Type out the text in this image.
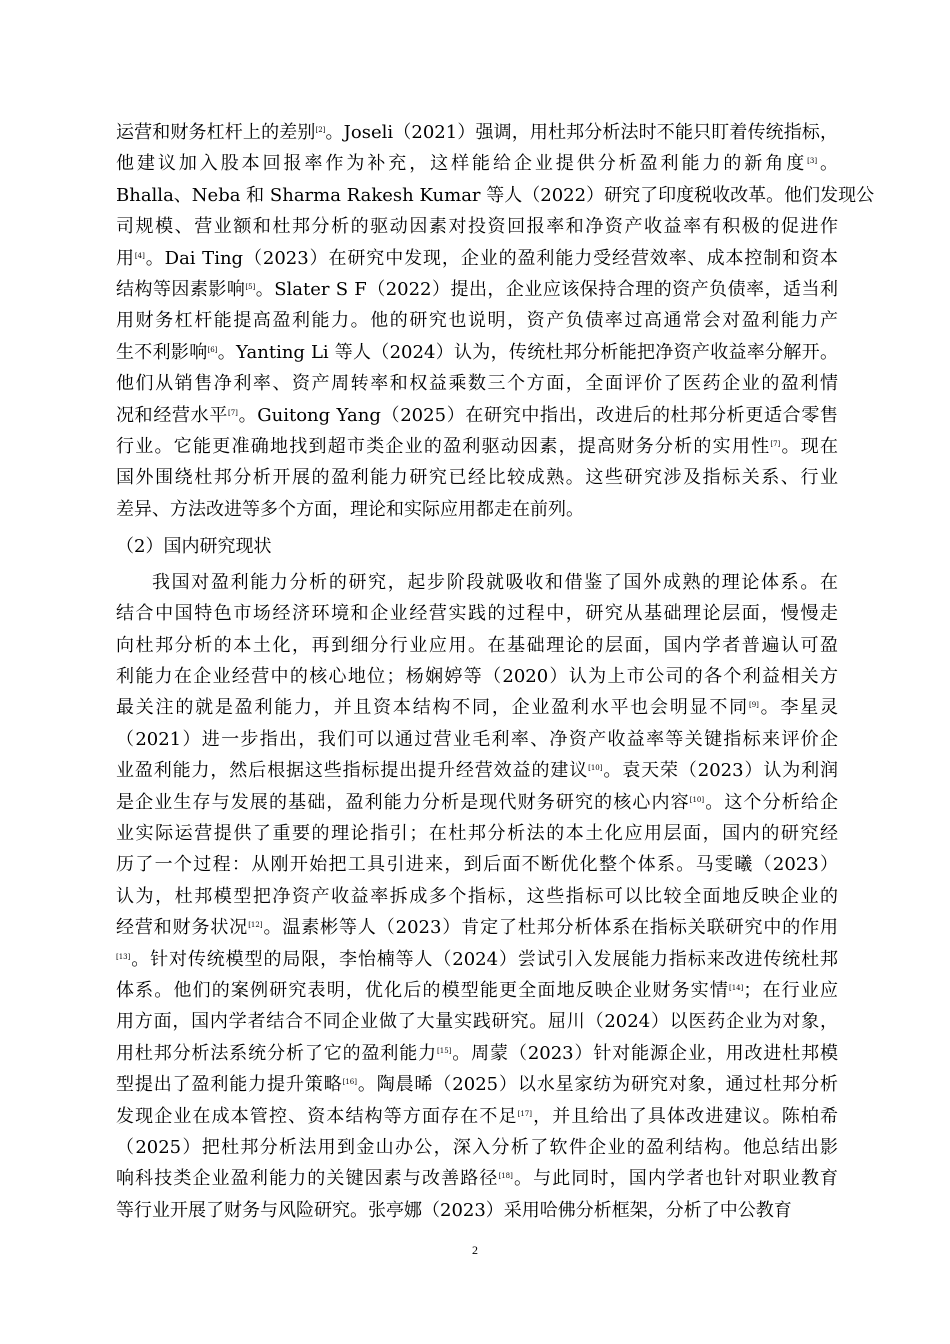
运营和财务杠杆上的差别[2]。Joseli（2021）强调，用杜邦分析法时不能只盯着传统指标，
他建议加入股本回报率作为补充，这样能给企业提供分析盈利能力的新角度[3]。
Bhalla、Neba 和 Sharma Rakesh Kumar 等人（2022）研究了印度税收改革。他们发现公
司规模、营业额和杜邦分析的驱动因素对投资回报率和净资产收益率有积极的促进作
用[4]。Dai Ting（2023）在研究中发现，企业的盈利能力受经营效率、成本控制和资本
结构等因素影响[5]。Slater S F（2022）提出，企业应该保持合理的资产负债率，适当利
用财务杠杆能提高盈利能力。他的研究也说明，资产负债率过高通常会对盈利能力产
生不利影响[6]。Yanting Li 等人（2024）认为，传统杜邦分析能把净资产收益率分解开。
他们从销售净利率、资产周转率和权益乘数三个方面，全面评价了医药企业的盈利情
况和经营水平[7]。Guitong Yang（2025）在研究中指出，改进后的杜邦分析更适合零售
行业。它能更准确地找到超市类企业的盈利驱动因素，提高财务分析的实用性[7]。现在
国外围绕杜邦分析开展的盈利能力研究已经比较成熟。这些研究涉及指标关系、行业
差异、方法改进等多个方面，理论和实际应用都走在前列。
（2）国内研究现状
我国对盈利能力分析的研究，起步阶段就吸收和借鉴了国外成熟的理论体系。在
结合中国特色市场经济环境和企业经营实践的过程中，研究从基础理论层面，慢慢走
向杜邦分析的本土化，再到细分行业应用。在基础理论的层面，国内学者普遍认可盈
利能力在企业经营中的核心地位；杨娴婷等（2020）认为上市公司的各个利益相关方
最关注的就是盈利能力，并且资本结构不同，企业盈利水平也会明显不同[9]。李星灵
（2021）进一步指出，我们可以通过营业毛利率、净资产收益率等关键指标来评价企
业盈利能力，然后根据这些指标提出提升经营效益的建议[10]。袁天荣（2023）认为利润
是企业生存与发展的基础，盈利能力分析是现代财务研究的核心内容[10]。这个分析给企
业实际运营提供了重要的理论指引；在杜邦分析法的本土化应用层面，国内的研究经
历了一个过程：从刚开始把工具引进来，到后面不断优化整个体系。马雯曦（2023）
认为，杜邦模型把净资产收益率拆成多个指标，这些指标可以比较全面地反映企业的
经营和财务状况[12]。温素彬等人（2023）肯定了杜邦分析体系在指标关联研究中的作用
[13]。针对传统模型的局限，李怡楠等人（2024）尝试引入发展能力指标来改进传统杜邦
体系。他们的案例研究表明，优化后的模型能更全面地反映企业财务实情[14]；在行业应
用方面，国内学者结合不同企业做了大量实践研究。屈川（2024）以医药企业为对象，
用杜邦分析法系统分析了它的盈利能力[15]。周蒙（2023）针对能源企业，用改进杜邦模
型提出了盈利能力提升策略[16]。陶晨晞（2025）以水星家纺为研究对象，通过杜邦分析
发现企业在成本管控、资本结构等方面存在不足[17]，并且给出了具体改进建议。陈柏希
（2025）把杜邦分析法用到金山办公，深入分析了软件企业的盈利结构。他总结出影
响科技类企业盈利能力的关键因素与改善路径[18]。与此同时，国内学者也针对职业教育
等行业开展了财务与风险研究。张亭娜（2023）采用哈佛分析框架，分析了中公教育
2
